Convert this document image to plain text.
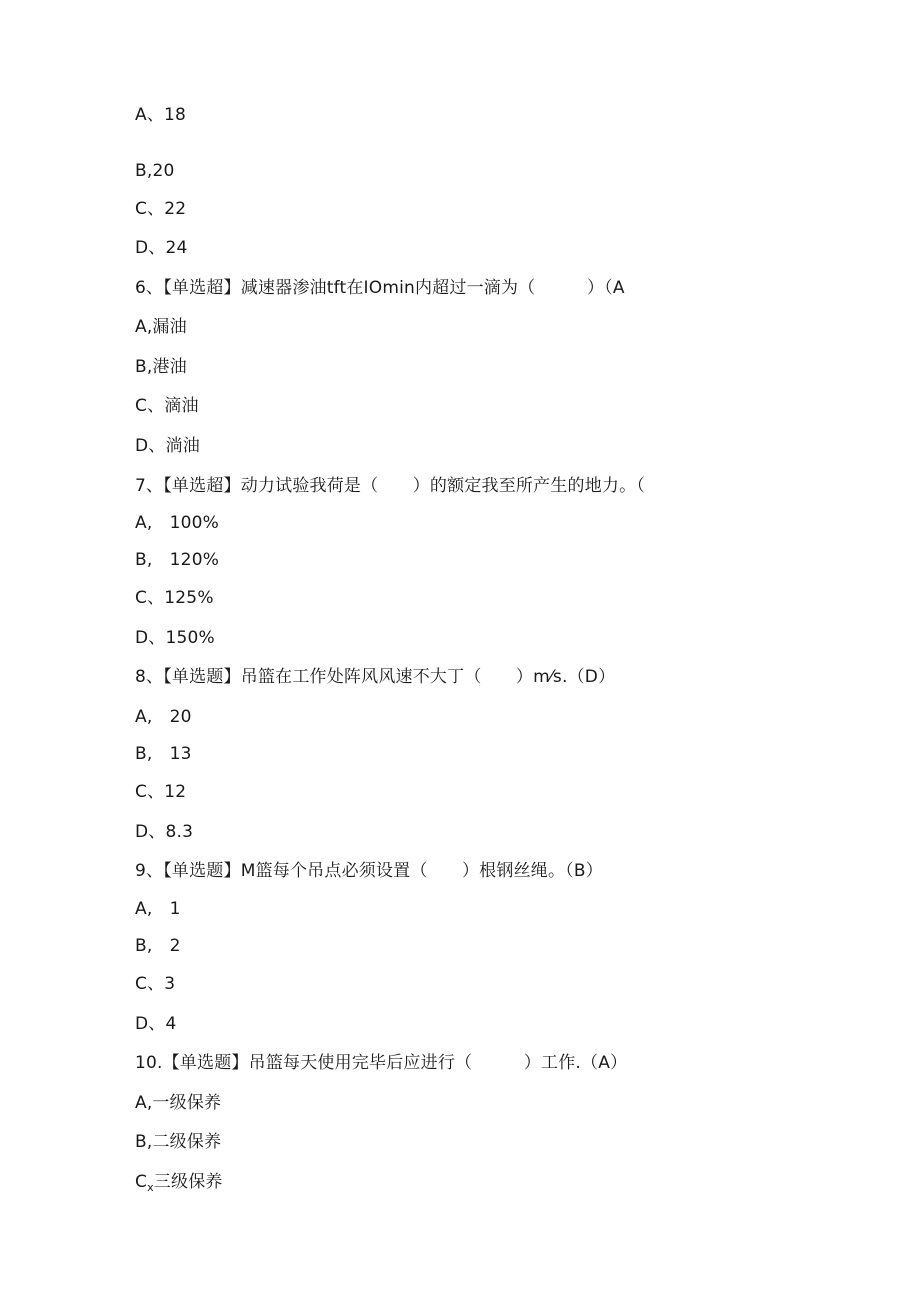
A、18
B,20
C、22
D、24
6、【单选超】减速器渗油tft在IOmin内超过一滴为（　　　）（A
A,漏油
B,港油
C、滴油
D、淌油
7、【单选超】动力试验我荷是（　　）的额定我至所产生的地力。（
A,　100%
B,　120%
C、125%
D、150%
8、【单选题】吊篮在工作处阵风风速不大丁（　　）m⁄s.（D）
A,　20
B,　13
C、12
D、8.3
9、【单选题】M篮每个吊点必须设置（　　）根钢丝绳。（B）
A,　1
B,　2
C、3
D、4
10.【单选题】吊篮每天使用完毕后应进行（　　　）工作.（A）
A,一级保养
B,二级保养
$C_x$三级保养
